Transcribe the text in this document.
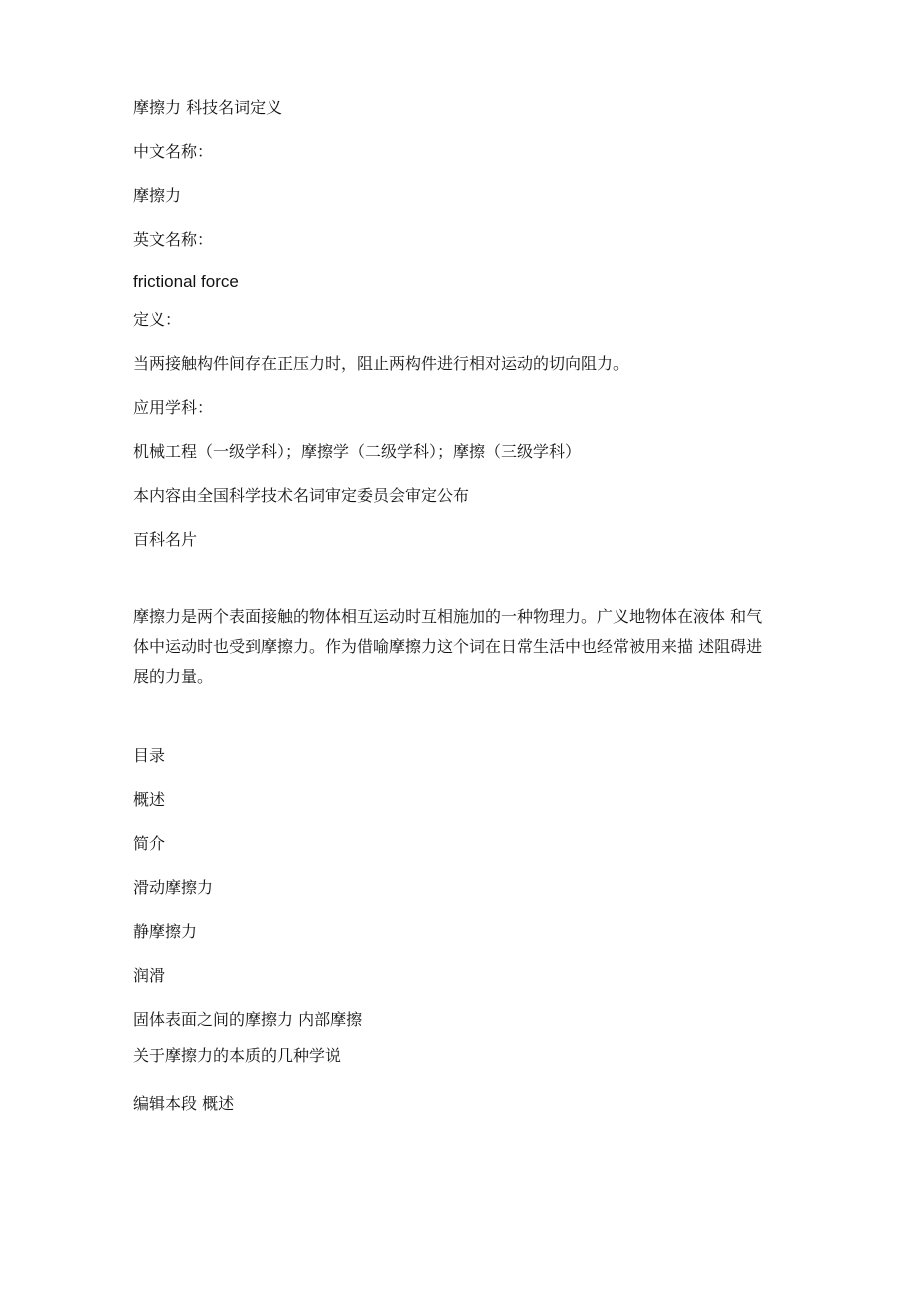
摩擦力 科技名词定义
中文名称：
摩擦力
英文名称：
frictional force
定义：
当两接触构件间存在正压力时，阻止两构件进行相对运动的切向阻力。
应用学科：
机械工程（一级学科）；摩擦学（二级学科）；摩擦（三级学科）
本内容由全国科学技术名词审定委员会审定公布
百科名片
摩擦力是两个表面接触的物体相互运动时互相施加的一种物理力。广义地物体在液体 和气
体中运动时也受到摩擦力。作为借喻摩擦力这个词在日常生活中也经常被用来描 述阻碍进
展的力量。
目录
概述
简介
滑动摩擦力
静摩擦力
润滑
固体表面之间的摩擦力 内部摩擦
关于摩擦力的本质的几种学说
编辑本段 概述
